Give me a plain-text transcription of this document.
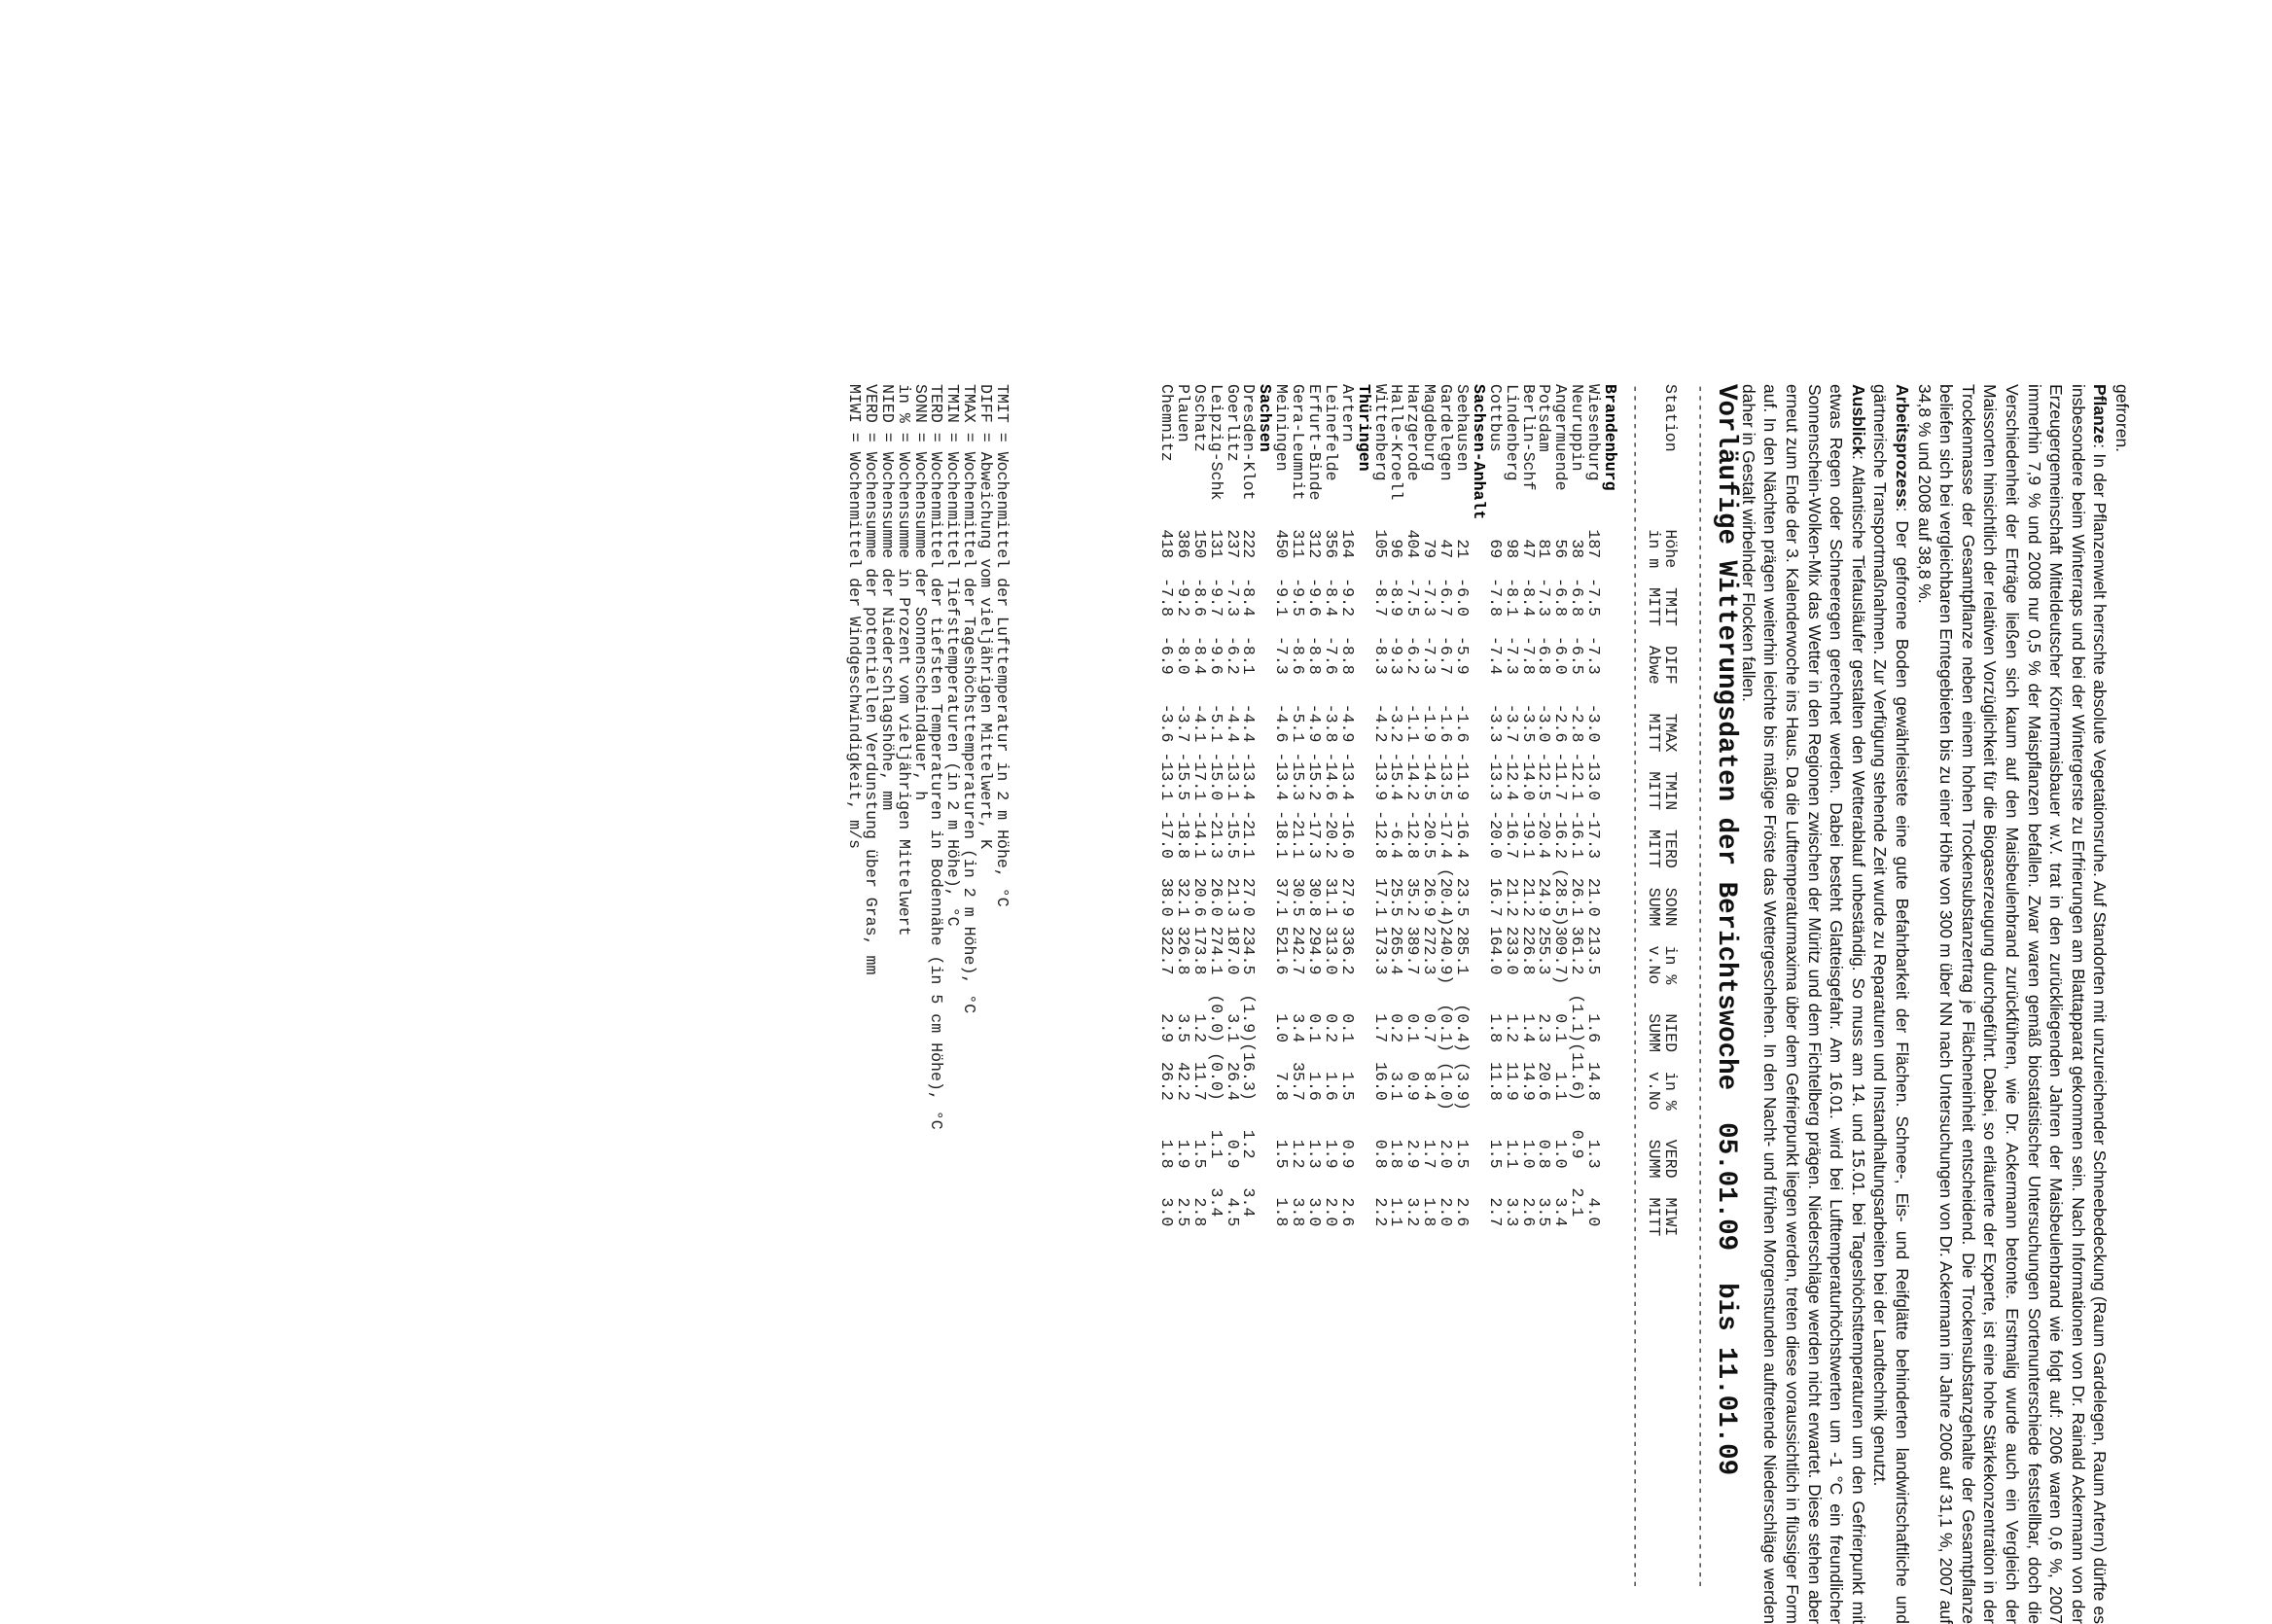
gefroren.

Pflanze: In der Pflanzenwelt herrschte absolute Vegetationsruhe. Auf Standorten mit unzureichender Schneebedeckung (Raum Gardelegen, Raum Artern) dürfte es insbesondere beim Winterraps und bei der Wintergerste zu Erfrierungen am Blattapparat gekommen sein. Nach Informationen von Dr. Rainald Ackermann von der Erzeugergemeinschaft Mitteldeutscher Körnermaisbauer w.V. trat in den zurückliegenden Jahren der Maisbeulenbrand wie folgt auf: 2006 waren 0,6 %, 2007 immerhin 7,9 % und 2008 nur 0,5 % der Maispflanzen befallen. Zwar waren gemäß biostatistischer Untersuchungen Sortenunterschiede feststellbar, doch die Verschiedenheit der Erträge ließen sich kaum auf den Maisbeulenbrand zurückführen, wie Dr. Ackermann betonte. Erstmalig wurde auch ein Vergleich der Maissorten hinsichtlich der relativen Vorzüglichkeit für die Biogaserzeugung durchgeführt. Dabei, so erläuterte der Experte, ist eine hohe Stärkekonzentration in der Trockenmasse der Gesamtpflanze neben einem hohen Trockensubstanzertrag je Flächeneinheit entscheidend. Die Trockensubstanzgehalte der Gesamtpflanze beliefen sich bei vergleichbaren Erntegebieten bis zu einer Höhe von 300 m über NN nach Untersuchungen von Dr. Ackermann im Jahre 2006 auf 31,1 %, 2007 auf 34,8 % und 2008 auf 38,8 %.

Arbeitsprozess: Der gefrorene Boden gewährleistete eine gute Befahrbarkeit der Flächen. Schnee-, Eis- und Reifglätte behinderten landwirtschaftliche und gärtnerische Transportmaßnahmen. Zur Verfügung stehende Zeit wurde zu Reparaturen und Instandhaltungsarbeiten bei der Landtechnik genutzt.

Ausblick: Atlantische Tiefausläufer gestalten den Wetterablauf unbeständig. So muss am 14. und 15.01. bei Tageshöchsttemperaturen um den Gefrierpunkt mit etwas Regen oder Schneeregen gerechnet werden. Dabei besteht Glatteisgefahr. Am 16.01. wird bei Lufttemperaturhöchstwerten um -1 °C ein freundlicher Sonnenschein-Wolken-Mix das Wetter in den Regionen zwischen der Müritz und dem Fichtelberg prägen. Niederschläge werden nicht erwartet. Diese stehen aber erneut zum Ende der 3. Kalenderwoche ins Haus. Da die Lufttemperaturmaxima über dem Gefrierpunkt liegen werden, treten diese voraussichtlich in flüssiger Form auf. In den Nächten prägen weiterhin leichte bis mäßige Fröste das Wettergeschehen. In den Nacht- und frühen Morgenstunden auftretende Niederschläge werden daher in Gestalt wirbelnder Flocken fallen.

Vorläufige Witterungsdaten der Berichtswoche  05.01.09  bis 11.01.09
---------------------------------------------------------------------------------------------------------------------------------
Station        Höhe  TMIT  DIFF   TMAX  TMIN  TERD  SONN  in %   NIED  in %   VERD  MIWI
in m  MITT  Abwe   MITT  MITT  MITT  SUMM  v.No   SUMM  v.No   SUMM  MITT
---------------------------------------------------------------------------------------------------------------------------------
Brandenburg
Wiesenburg     187  -7.5  -7.3   -3.0 -13.0 -17.3  21.0 213.5    1.6  14.8    1.3   4.0
Neuruppin       38  -6.8  -6.5   -2.8 -12.1 -16.1  26.1 361.2  (1.1)(11.6)   0.9   2.1
Angermuende     56  -6.8  -6.0   -2.6 -11.7 -16.2 (28.5)309.7)   0.1   1.1    1.0   3.4
Potsdam         81  -7.3  -6.8   -3.0 -12.5 -20.4  24.9 255.3    2.3  20.6    0.8   3.5
Berlin-Schf     47  -8.4  -7.8   -3.5 -14.0 -19.1  21.2 226.8    1.4  14.9    1.0   2.6
Lindenberg      98  -8.1  -7.3   -3.7 -12.4 -16.7  21.2 233.0    1.2  11.9    1.1   3.3
Cottbus         69  -7.8  -7.4   -3.3 -13.3 -20.0  16.7 164.0    1.8  11.8    1.5   2.7
Sachsen-Anhalt
Seehausen       21  -6.0  -5.9   -1.6 -11.9 -16.4  23.5 285.1   (0.4) (3.9)   1.5   2.6
Gardelegen      47  -6.7  -6.7   -1.6 -13.5 -17.4 (20.4)240.9)  (0.1) (1.0)   2.0   2.0
Magdeburg       79  -7.3  -7.3   -1.9 -14.5 -20.5  26.9 272.3    0.7   8.4    1.7   1.8
Harzgerode     404  -7.5  -6.2   -1.1 -14.2 -12.8  35.2 389.7    0.1   0.9    2.9   3.2
Halle-Kroell    96  -8.9  -9.3   -3.2 -15.4  -6.4  25.5 265.4    0.2   3.1    1.8   1.1
Wittenberg     105  -8.7  -8.3   -4.2 -13.9 -12.8  17.1 173.3    1.7  16.0    0.8   2.2
Thüringen
Artern         164  -9.2  -8.8   -4.9 -13.4 -16.0  27.9 336.2    0.1   1.5    0.9   2.6
Leinefelde     356  -8.4  -7.6   -3.8 -14.6 -20.2  31.1 313.0    0.2   1.6    1.9   2.0
Erfurt-Binde   312  -9.6  -8.8   -4.9 -15.2 -17.3  30.8 294.9    0.1   1.6    1.3   3.0
Gera-Leumnit   311  -9.5  -8.6   -5.1 -15.3 -21.1  30.5 242.7    3.4  35.7    1.2   3.8
Meiningen      450  -9.1  -7.3   -4.6 -13.4 -18.1  37.1 521.6    1.0   7.8    1.5   1.8
Sachsen
Dresden-Klot   222  -8.4  -8.1   -4.4 -13.4 -21.1  27.0 234.5  (1.9)(16.3)   1.2   3.4
Goerlitz       237  -7.3  -6.2   -4.4 -13.1 -15.5  21.3 187.0    3.1  26.4    0.9   4.5
Leipzig-Schk   131  -9.7  -9.6   -5.1 -15.0 -21.3  26.0 274.1  (0.0) (0.0)   1.1   3.4
Oschatz        150  -8.6  -8.4   -4.1 -17.1 -14.1  20.6 173.8    1.2  11.7    1.5   2.8
Plauen         386  -9.2  -8.0   -3.7 -15.5 -18.8  32.1 326.8    3.5  42.2    1.9   2.5
Chemnitz       418  -7.8  -6.9   -3.6 -13.1 -17.0  38.0 322.7    2.9  26.2    1.8   3.0
TMIT = Wochenmittel der Lufttemperatur in 2 m Höhe, °C
DIFF = Abweichung vom vieljährigen Mittelwert, K
TMAX = Wochenmittel der Tageshöchsttemperaturen (in 2 m Höhe), °C
TMIN = Wochenmittel Tiefsttemperaturen (in 2 m Höhe), °C
TERD = Wochenmittel der tiefsten Temperaturen in Bodennähe (in 5 cm Höhe), °C
SONN = Wochensumme der Sonnenscheindauer, h
in % = Wochensumme in Prozent vom vieljährigen Mittelwert
NIED = Wochensumme der Niederschlagshöhe, mm
VERD = Wochensumme der potentiellen Verdunstung über Gras, mm
MIWI = Wochenmittel der Windgeschwindigkeit, m/s
